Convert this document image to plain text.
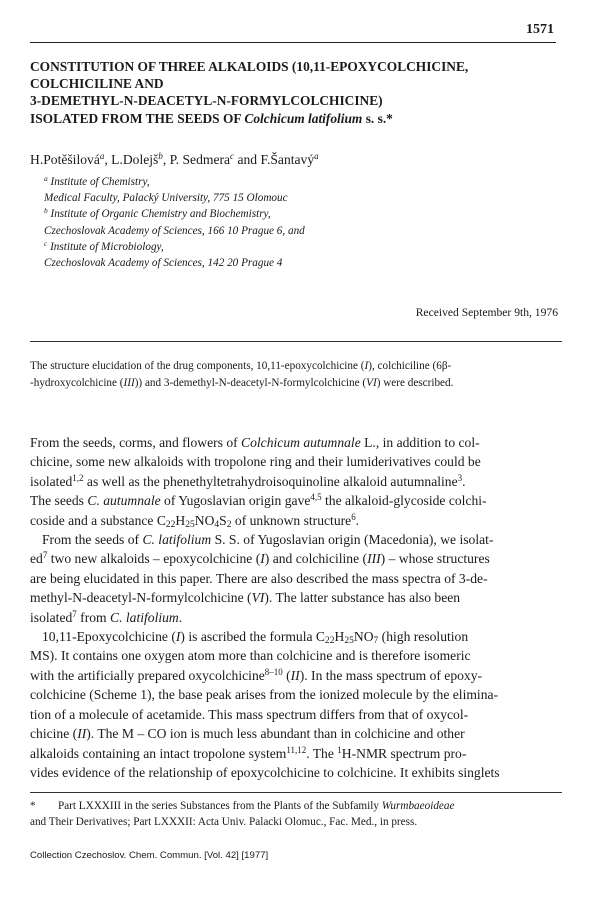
1571
CONSTITUTION OF THREE ALKALOIDS (10,11-EPOXYCOLCHICINE,
COLCHICILINE AND
3-DEMETHYL-N-DEACETYL-N-FORMYLCOLCHICINE)
ISOLATED FROM THE SEEDS OF Colchicum latifolium s. s.*
H.Potěšilová$^a$, L.Dolejš$^b$, P. Sedmera$^c$ and F.Šantavý$^a$
$^a$ Institute of Chemistry,
Medical Faculty, Palacký University, 775 15 Olomouc
$^b$ Institute of Organic Chemistry and Biochemistry,
Czechoslovak Academy of Sciences, 166 10 Prague 6, and
$^c$ Institute of Microbiology,
Czechoslovak Academy of Sciences, 142 20 Prague 4
Received September 9th, 1976
The structure elucidation of the drug components, 10,11-epoxycolchicine (I), colchiciline (6β-
-hydroxycolchicine (III)) and 3-demethyl-N-deacetyl-N-formylcolchicine (VI) were described.
From the seeds, corms, and flowers of Colchicum autumnale L., in addition to col-
chicine, some new alkaloids with tropolone ring and their lumiderivatives could be
isolated$^{1,2}$ as well as the phenethyltetrahydroisoquinoline alkaloid autumnaline$^3$.
The seeds C. autumnale of Yugoslavian origin gave$^{4,5}$ the alkaloid-glycoside colchi-
coside and a substance $C_{22}H_{25}NO_4S_2$ of unknown structure$^6$.
From the seeds of C. latifolium S. S. of Yugoslavian origin (Macedonia), we isolat-
$ed^7$ two new alkaloids – epoxycolchicine (I) and colchiciline (III) – whose structures
are being elucidated in this paper. There are also described the mass spectra of 3-de-
methyl-N-deacetyl-N-formylcolchicine (VI). The latter substance has also been
isolated$^7$ from C. latifolium.
10,11-Epoxycolchicine (I) is ascribed the formula $C_{22}H_{25}NO_7$ (high resolution
MS). It contains one oxygen atom more than colchicine and is therefore isomeric
with the artificially prepared oxycolchicine$^{8-10}$ (II). In the mass spectrum of epoxy-
colchicine (Scheme 1), the base peak arises from the ionized molecule by the elimina-
tion of a molecule of acetamide. This mass spectrum differs from that of oxycol-
chicine (II). The M – CO ion is much less abundant than in colchicine and other
alkaloids containing an intact tropolone system$^{11,12}$. The $^1$H-NMR spectrum pro-
vides evidence of the relationship of epoxycolchicine to colchicine. It exhibits singlets
* Part LXXXIII in the series Substances from the Plants of the Subfamily Wurmbaeoideae
and Their Derivatives; Part LXXXII: Acta Univ. Palacki Olomuc., Fac. Med., in press.
Collection Czechoslov. Chem. Commun. [Vol. 42] [1977]
